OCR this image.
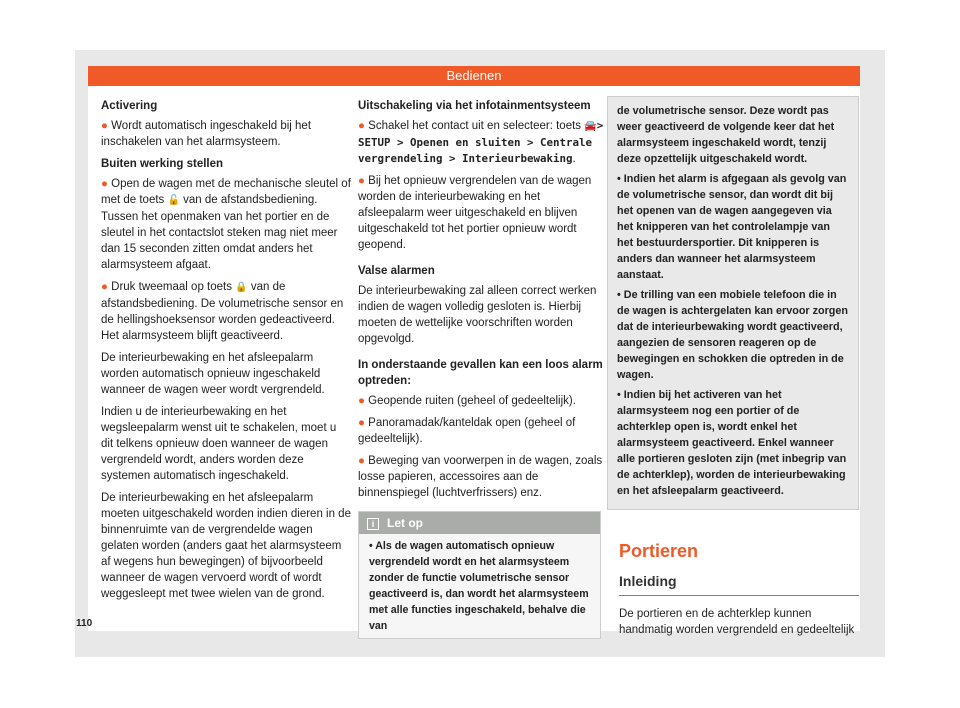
Bedienen
Activering

● Wordt automatisch ingeschakeld bij het inschakelen van het alarmsysteem.

Buiten werking stellen

● Open de wagen met de mechanische sleutel of met de toets 🔓 van de afstandsbediening. Tussen het openmaken van het portier en de sleutel in het contactslot steken mag niet meer dan 15 seconden zitten omdat anders het alarmsysteem afgaat.

● Druk tweemaal op toets 🔒 van de afstandsbediening. De volumetrische sensor en de hellingshoeksensor worden gedeactiveerd. Het alarmsysteem blijft geactiveerd.

De interieurbewaking en het afsleepalarm worden automatisch opnieuw ingeschakeld wanneer de wagen weer wordt vergrendeld.

Indien u de interieurbewaking en het wegsleepalarm wenst uit te schakelen, moet u dit telkens opnieuw doen wanneer de wagen vergrendeld wordt, anders worden deze systemen automatisch ingeschakeld.

De interieurbewaking en het afsleepalarm moeten uitgeschakeld worden indien dieren in de binnenruimte van de vergrendelde wagen gelaten worden (anders gaat het alarmsysteem af wegens hun bewegingen) of bijvoorbeeld wanneer de wagen vervoerd wordt of wordt weggesleept met twee wielen van de grond.

Uitschakeling via het infotainmentsysteem

● Schakel het contact uit en selecteer: toets 🚘> SETUP > Openen en sluiten > Centrale vergrendeling > Interieurbewaking.

● Bij het opnieuw vergrendelen van de wagen worden de interieurbewaking en het afsleepalarm weer uitgeschakeld en blijven uitgeschakeld tot het portier opnieuw wordt geopend.

Valse alarmen

De interieurbewaking zal alleen correct werken indien de wagen volledig gesloten is. Hierbij moeten de wettelijke voorschriften worden opgevolgd.

In onderstaande gevallen kan een loos alarm optreden:

● Geopende ruiten (geheel of gedeeltelijk).

● Panoramadak/kanteldak open (geheel of gedeeltelijk).

● Beweging van voorwerpen in de wagen, zoals losse papieren, accessoires aan de binnenspiegel (luchtverfrissers) enz.

i Let op
• Als de wagen automatisch opnieuw vergrendeld wordt en het alarmsysteem zonder de functie volumetrische sensor geactiveerd is, dan wordt het alarmsysteem met alle functies ingeschakeld, behalve die van

de volumetrische sensor. Deze wordt pas weer geactiveerd de volgende keer dat het alarmsysteem ingeschakeld wordt, tenzij deze opzettelijk uitgeschakeld wordt.

• Indien het alarm is afgegaan als gevolg van de volumetrische sensor, dan wordt dit bij het openen van de wagen aangegeven via het knipperen van het controlelampje van het bestuurdersportier. Dit knipperen is anders dan wanneer het alarmsysteem aanstaat.

• De trilling van een mobiele telefoon die in de wagen is achtergelaten kan ervoor zorgen dat de interieurbewaking wordt geactiveerd, aangezien de sensoren reageren op de bewegingen en schokken die optreden in de wagen.

• Indien bij het activeren van het alarmsysteem nog een portier of de achterklep open is, wordt enkel het alarmsysteem geactiveerd. Enkel wanneer alle portieren gesloten zijn (met inbegrip van de achterklep), worden de interieurbewaking en het afsleepalarm geactiveerd.

Portieren
Inleiding
De portieren en de achterklep kunnen handmatig worden vergrendeld en gedeeltelijk
110
